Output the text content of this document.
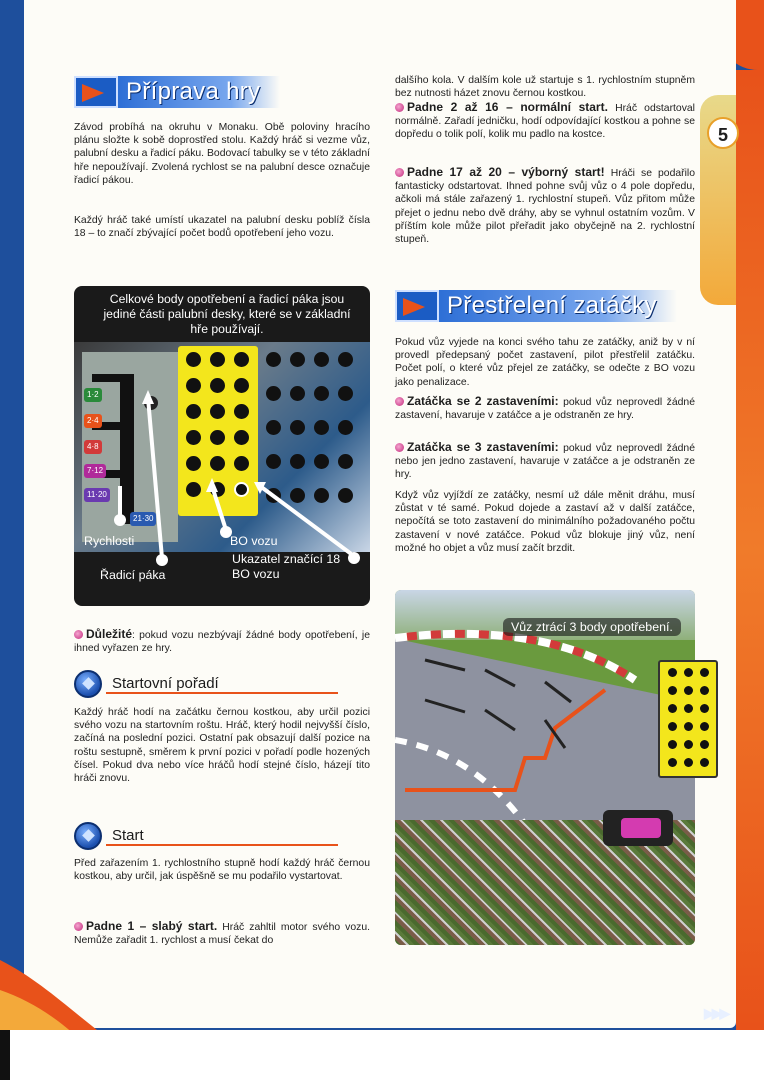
▶▶▶
5
Příprava hry

Závod probíhá na okruhu v Monaku. Obě poloviny hracího plánu složte k sobě doprostřed stolu. Každý hráč si vezme vůz, palubní desku a řadicí páku. Bodovací tabulky se v této základní hře nepoužívají. Zvolená rychlost se na palubní desce označuje řadicí pákou.

Každý hráč také umístí ukazatel na palubní desku poblíž čísla 18 – to značí zbývající počet bodů opotřebení jeho vozu.

Celkové body opotřebení a řadicí páka jsou jediné části palubní desky, které se v základní hře používají.
1·2
2·4
4·8
7·12
11·20
21·30
Rychlosti	BO vozu
Řadicí páka
Ukazatel značící 18 BO vozu

Důležité: pokud vozu nezbývají žádné body opotřebení, je ihned vyřazen ze hry.

Startovní pořadí

Každý hráč hodí na začátku černou kostkou, aby určil pozici svého vozu na startovním roštu. Hráč, který hodil nejvyšší číslo, začíná na poslední pozici. Ostatní pak obsazují další pozice na roštu sestupně, směrem k první pozici v pořadí podle hozených čísel. Pokud dva nebo více hráčů hodí stejné číslo, házejí tito hráči znovu.

Start

Před zařazením 1. rychlostního stupně hodí každý hráč černou kostkou, aby určil, jak úspěšně se mu podařilo vystartovat.

Padne 1 – slabý start. Hráč zahltil motor svého vozu. Nemůže zařadit 1. rychlost a musí čekat do

dalšího kola. V dalším kole už startuje s 1. rychlostním stupněm bez nutnosti házet znovu černou kostkou.

Padne 2 až 16 – normální start. Hráč odstartoval normálně. Zařadí jedničku, hodí odpovídající kostkou a pohne se dopředu o tolik polí, kolik mu padlo na kostce.

Padne 17 až 20 – výborný start! Hráči se podařilo fantasticky odstartovat. Ihned pohne svůj vůz o 4 pole dopředu, ačkoli má stále zařazený 1. rychlostní stupeň. Vůz přitom může přejet o jednu nebo dvě dráhy, aby se vyhnul ostatním vozům. V příštím kole může pilot přeřadit jako obyčejně na 2. rychlostní stupeň.

Přestřelení zatáčky

Pokud vůz vyjede na konci svého tahu ze zatáčky, aniž by v ní provedl předepsaný počet zastavení, pilot přestřelil zatáčku. Počet polí, o které vůz přejel ze zatáčky, se odečte z BO vozu jako penalizace.

Zatáčka se 2 zastaveními: pokud vůz neprovedl žádné zastavení, havaruje v zatáčce a je odstraněn ze hry.

Zatáčka se 3 zastaveními: pokud vůz neprovedl žádné nebo jen jedno zastavení, havaruje v zatáčce a je odstraněn ze hry.

Když vůz vyjíždí ze zatáčky, nesmí už dále měnit dráhu, musí zůstat v té samé. Pokud dojede a zastaví až v další zatáčce, nepočítá se toto zastavení do minimálního požadovaného počtu zastavení v nové zatáčce. Pokud vůz blokuje jiný vůz, není možné ho objet a vůz musí začít brzdit.

Vůz ztrácí 3 body opotřebení.
